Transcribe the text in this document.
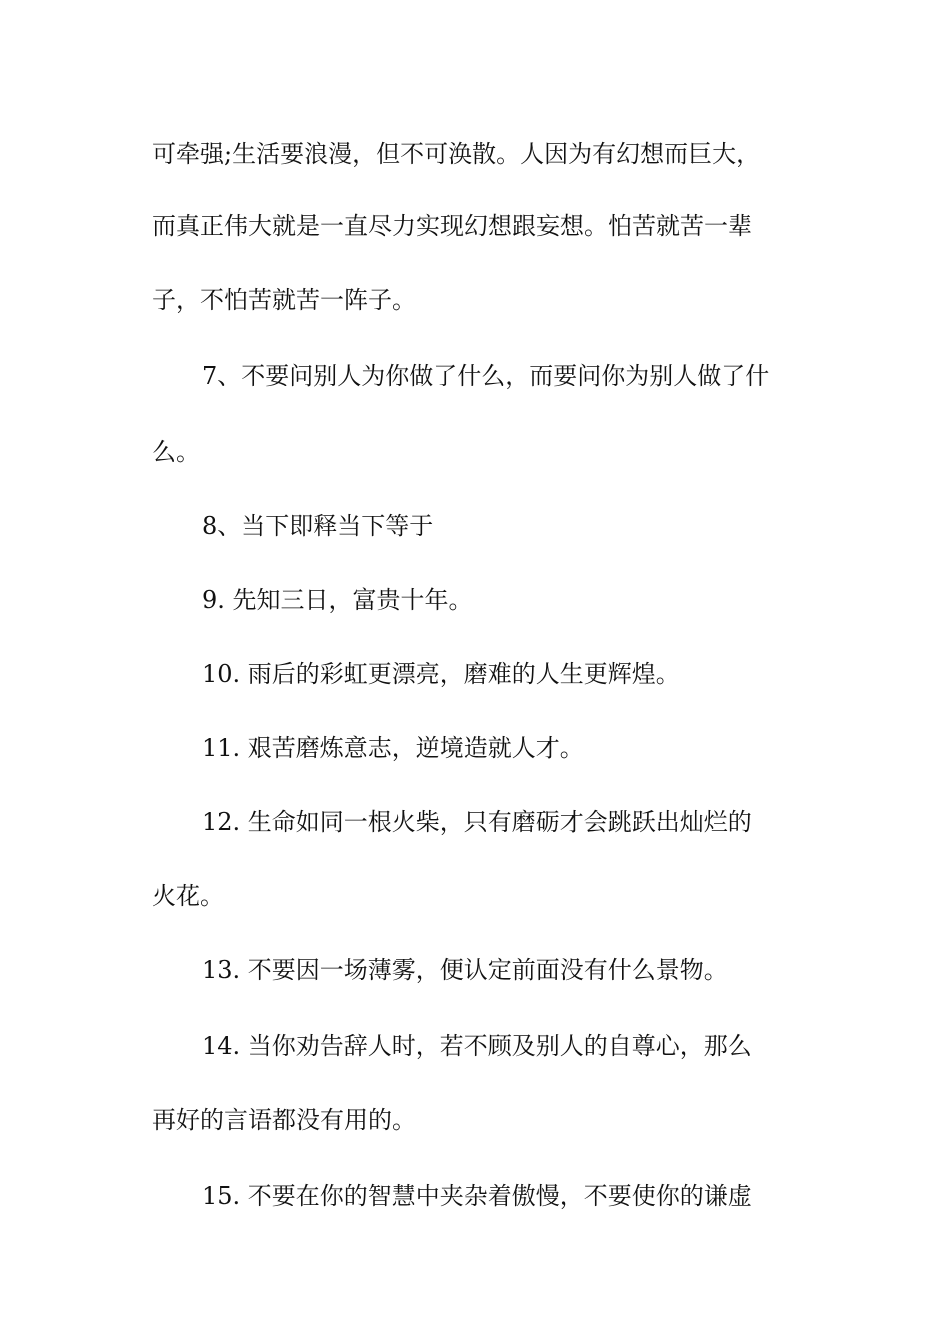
可牵强;生活要浪漫，但不可涣散。人因为有幻想而巨大，
而真正伟大就是一直尽力实现幻想跟妄想。怕苦就苦一辈
子，不怕苦就苦一阵子。
7、不要问别人为你做了什么，而要问你为别人做了什
么。
8、当下即释当下等于
9. 先知三日，富贵十年。
10. 雨后的彩虹更漂亮，磨难的人生更辉煌。
11. 艰苦磨炼意志，逆境造就人才。
12. 生命如同一根火柴，只有磨砺才会跳跃出灿烂的
火花。
13. 不要因一场薄雾，便认定前面没有什么景物。
14. 当你劝告辞人时，若不顾及别人的自尊心，那么
再好的言语都没有用的。
15. 不要在你的智慧中夹杂着傲慢，不要使你的谦虚
